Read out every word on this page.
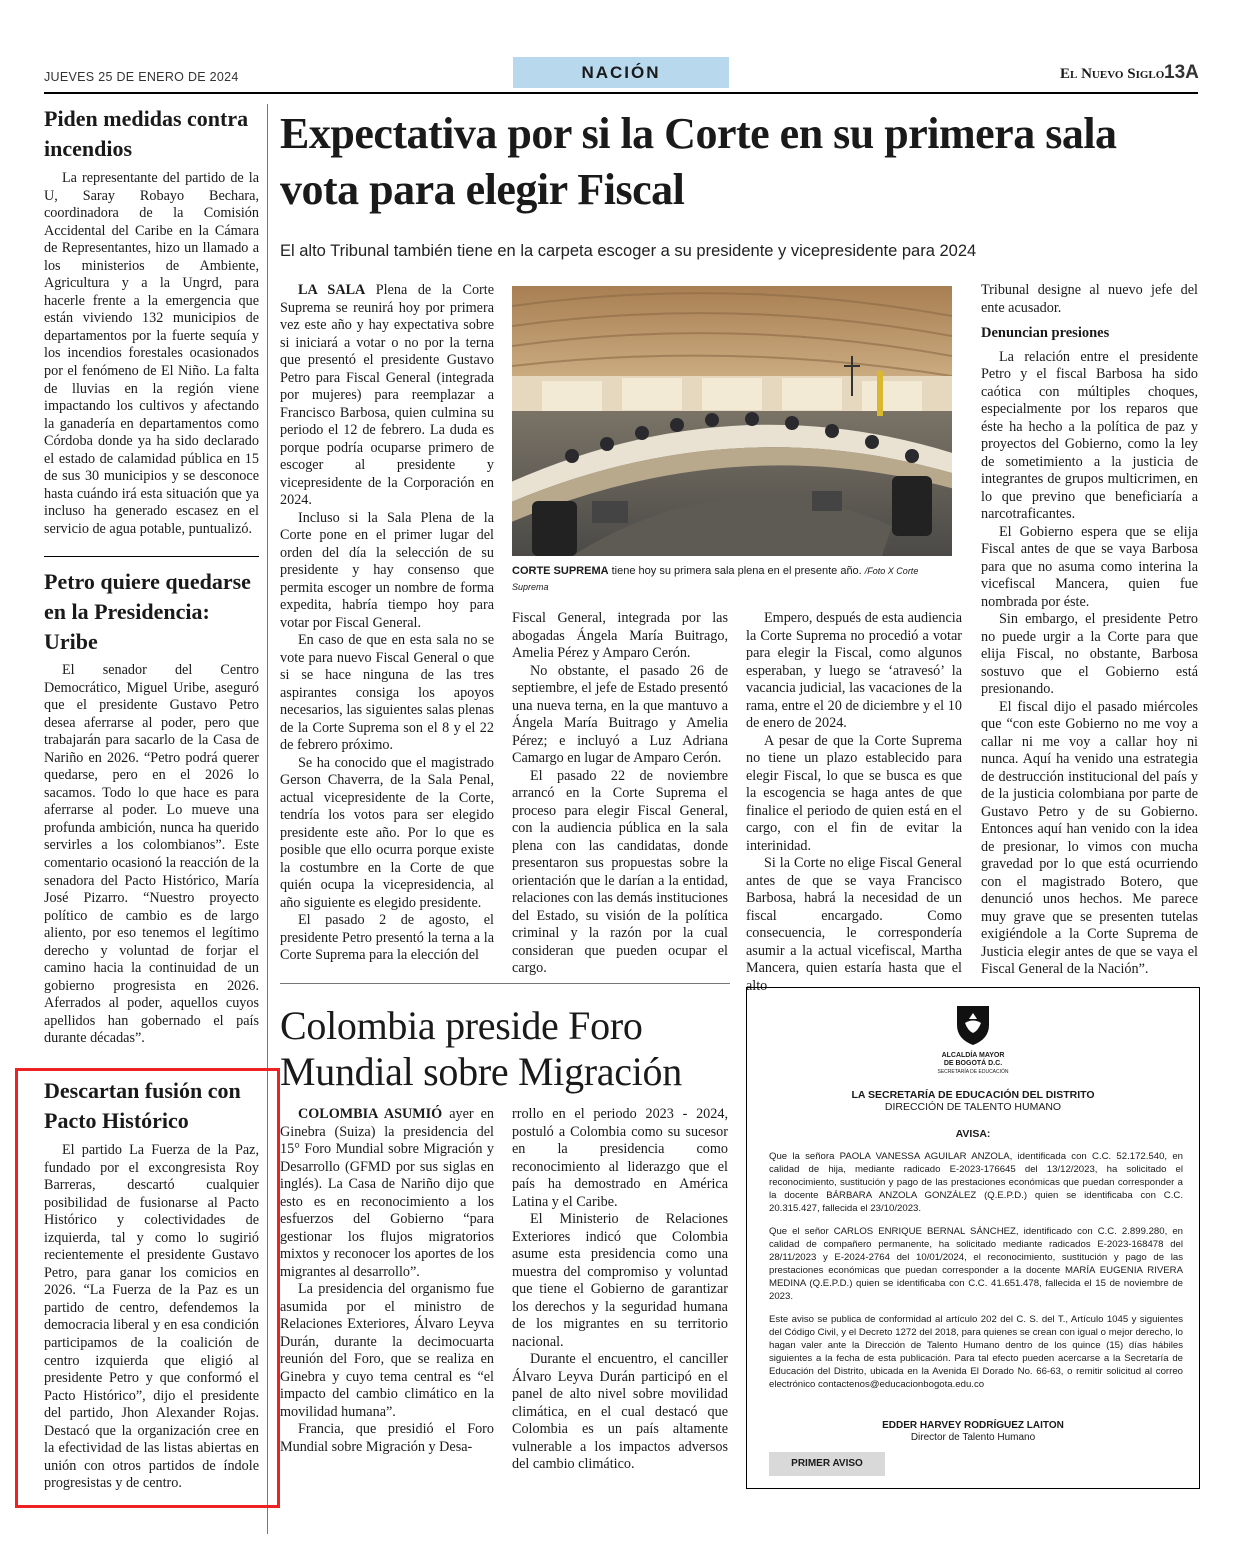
JUEVES 25 DE ENERO DE 2024	NACIÓN	El Nuevo Siglo 13A
Piden medidas contra incendios
La representante del partido de la U, Saray Robayo Bechara, coordinadora de la Comisión Accidental del Caribe en la Cámara de Representantes, hizo un llamado a los ministerios de Ambiente, Agricultura y a la Ungrd, para hacerle frente a la emergencia que están viviendo 132 municipios de departamentos por la fuerte sequía y los incendios forestales ocasionados por el fenómeno de El Niño. La falta de lluvias en la región viene impactando los cultivos y afectando la ganadería en departamentos como Córdoba donde ya ha sido declarado el estado de calamidad pública en 15 de sus 30 municipios y se desconoce hasta cuándo irá esta situación que ya incluso ha generado escasez en el servicio de agua potable, puntualizó.
Petro quiere quedarse en la Presidencia: Uribe
El senador del Centro Democrático, Miguel Uribe, aseguró que el presidente Gustavo Petro desea aferrarse al poder, pero que trabajarán para sacarlo de la Casa de Nariño en 2026. “Petro podrá querer quedarse, pero en el 2026 lo sacamos. Todo lo que hace es para aferrarse al poder. Lo mueve una profunda ambición, nunca ha querido servirles a los colombianos”. Este comentario ocasionó la reacción de la senadora del Pacto Histórico, María José Pizarro. “Nuestro proyecto político de cambio es de largo aliento, por eso tenemos el legítimo derecho y voluntad de forjar el camino hacia la continuidad de un gobierno progresista en 2026. Aferrados al poder, aquellos cuyos apellidos han gobernado el país durante décadas”.
Descartan fusión con Pacto Histórico
El partido La Fuerza de la Paz, fundado por el excongresista Roy Barreras, descartó cualquier posibilidad de fusionarse al Pacto Histórico y colectividades de izquierda, tal y como lo sugirió recientemente el presidente Gustavo Petro, para ganar los comicios en 2026. “La Fuerza de la Paz es un partido de centro, defendemos la democracia liberal y en esa condición participamos de la coalición de centro izquierda que eligió al presidente Petro y que conformó el Pacto Histórico”, dijo el presidente del partido, Jhon Alexander Rojas. Destacó que la organización cree en la efectividad de las listas abiertas en unión con otros partidos de índole progresistas y de centro.
Expectativa por si la Corte en su primera sala vota para elegir Fiscal
El alto Tribunal también tiene en la carpeta escoger a su presidente y vicepresidente para 2024

LA SALA Plena de la Corte Suprema se reunirá hoy por primera vez este año y hay expectativa sobre si iniciará a votar o no por la terna que presentó el presidente Gustavo Petro para Fiscal General (integrada por mujeres) para reemplazar a Francisco Barbosa, quien culmina su periodo el 12 de febrero. La duda es porque podría ocuparse primero de escoger al presidente y vicepresidente de la Corporación en 2024.

Incluso si la Sala Plena de la Corte pone en el primer lugar del orden del día la selección de su presidente y hay consenso que permita escoger un nombre de forma expedita, habría tiempo hoy para votar por Fiscal General.

En caso de que en esta sala no se vote para nuevo Fiscal General o que si se hace ninguna de las tres aspirantes consiga los apoyos necesarios, las siguientes salas plenas de la Corte Suprema son el 8 y el 22 de febrero próximo.

Se ha conocido que el magistrado Gerson Chaverra, de la Sala Penal, actual vicepresidente de la Corte, tendría los votos para ser elegido presidente este año. Por lo que es posible que ello ocurra porque existe la costumbre en la Corte de que quién ocupa la vicepresidencia, al año siguiente es elegido presidente.

El pasado 2 de agosto, el presidente Petro presentó la terna a la Corte Suprema para la elección del

CORTE SUPREMA tiene hoy su primera sala plena en el presente año. /Foto X Corte Suprema

Fiscal General, integrada por las abogadas Ángela María Buitrago, Amelia Pérez y Amparo Cerón.

No obstante, el pasado 26 de septiembre, el jefe de Estado presentó una nueva terna, en la que mantuvo a Ángela María Buitrago y Amelia Pérez; e incluyó a Luz Adriana Camargo en lugar de Amparo Cerón.

El pasado 22 de noviembre arrancó en la Corte Suprema el proceso para elegir Fiscal General, con la audiencia pública en la sala plena con las candidatas, donde presentaron sus propuestas sobre la orientación que le darían a la entidad, relaciones con las demás instituciones del Estado, su visión de la política criminal y la razón por la cual consideran que pueden ocupar el cargo.

Empero, después de esta audiencia la Corte Suprema no procedió a votar para elegir la Fiscal, como algunos esperaban, y luego se ‘atravesó’ la vacancia judicial, las vacaciones de la rama, entre el 20 de diciembre y el 10 de enero de 2024.

A pesar de que la Corte Suprema no tiene un plazo establecido para elegir Fiscal, lo que se busca es que la escogencia se haga antes de que finalice el periodo de quien está en el cargo, con el fin de evitar la interinidad.

Si la Corte no elige Fiscal General antes de que se vaya Francisco Barbosa, habrá la necesidad de un fiscal encargado. Como consecuencia, le correspondería asumir a la actual vicefiscal, Martha Mancera, quien estaría hasta que el alto

Tribunal designe al nuevo jefe del ente acusador.

Denuncian presiones

La relación entre el presidente Petro y el fiscal Barbosa ha sido caótica con múltiples choques, especialmente por los reparos que éste ha hecho a la política de paz y proyectos del Gobierno, como la ley de sometimiento a la justicia de integrantes de grupos multicrimen, en lo que previno que beneficiaría a narcotraficantes.

El Gobierno espera que se elija Fiscal antes de que se vaya Barbosa para que no asuma como interina la vicefiscal Mancera, quien fue nombrada por éste.

Sin embargo, el presidente Petro no puede urgir a la Corte para que elija Fiscal, no obstante, Barbosa sostuvo que el Gobierno está presionando.

El fiscal dijo el pasado miércoles que “con este Gobierno no me voy a callar ni me voy a callar hoy ni nunca. Aquí ha venido una estrategia de destrucción institucional del país y de la justicia colombiana por parte de Gustavo Petro y de su Gobierno. Entonces aquí han venido con la idea de presionar, lo vimos con mucha gravedad por lo que está ocurriendo con el magistrado Botero, que denunció unos hechos. Me parece muy grave que se presenten tutelas exigiéndole a la Corte Suprema de Justicia elegir antes de que se vaya el Fiscal General de la Nación”.

Colombia preside Foro Mundial sobre Migración

COLOMBIA ASUMIÓ ayer en Ginebra (Suiza) la presidencia del 15° Foro Mundial sobre Migración y Desarrollo (GFMD por sus siglas en inglés). La Casa de Nariño dijo que esto es en reconocimiento a los esfuerzos del Gobierno “para gestionar los flujos migratorios mixtos y reconocer los aportes de los migrantes al desarrollo”.

La presidencia del organismo fue asumida por el ministro de Relaciones Exteriores, Álvaro Leyva Durán, durante la decimocuarta reunión del Foro, que se realiza en Ginebra y cuyo tema central es “el impacto del cambio climático en la movilidad humana”.

Francia, que presidió el Foro Mundial sobre Migración y Desa-

rrollo en el periodo 2023 - 2024, postuló a Colombia como su sucesor en la presidencia como reconocimiento al liderazgo que el país ha demostrado en América Latina y el Caribe.

El Ministerio de Relaciones Exteriores indicó que Colombia asume esta presidencia como una muestra del compromiso y voluntad que tiene el Gobierno de garantizar los derechos y la seguridad humana de los migrantes en su territorio nacional.

Durante el encuentro, el canciller Álvaro Leyva Durán participó en el panel de alto nivel sobre movilidad climática, en el cual destacó que Colombia es un país altamente vulnerable a los impactos adversos del cambio climático.

ALCALDÍA MAYOR
DE BOGOTÁ D.C.
SECRETARÍA DE EDUCACIÓN
LA SECRETARÍA DE EDUCACIÓN DEL DISTRITO
DIRECCIÓN DE TALENTO HUMANO
AVISA:

Que la señora PAOLA VANESSA AGUILAR ANZOLA, identificada con C.C. 52.172.540, en calidad de hija, mediante radicado E-2023-176645 del 13/12/2023, ha solicitado el reconocimiento, sustitución y pago de las prestaciones económicas que puedan corresponder a la docente BÁRBARA ANZOLA GONZÁLEZ (Q.E.P.D.) quien se identificaba con C.C. 20.315.427, fallecida el 23/10/2023.

Que el señor CARLOS ENRIQUE BERNAL SÁNCHEZ, identificado con C.C. 2.899.280, en calidad de compañero permanente, ha solicitado mediante radicados E-2023-168478 del 28/11/2023 y E-2024-2764 del 10/01/2024, el reconocimiento, sustitución y pago de las prestaciones económicas que puedan corresponder a la docente MARÍA EUGENIA RIVERA MEDINA (Q.E.P.D.) quien se identificaba con C.C. 41.651.478, fallecida el 15 de noviembre de 2023.

Este aviso se publica de conformidad al artículo 202 del C. S. del T., Artículo 1045 y siguientes del Código Civil, y el Decreto 1272 del 2018, para quienes se crean con igual o mejor derecho, lo hagan valer ante la Dirección de Talento Humano dentro de los quince (15) días hábiles siguientes a la fecha de esta publicación. Para tal efecto pueden acercarse a la Secretaría de Educación del Distrito, ubicada en la Avenida El Dorado No. 66-63, o remitir solicitud al correo electrónico contactenos@educacionbogota.edu.co

EDDER HARVEY RODRÍGUEZ LAITON
Director de Talento Humano
PRIMER AVISO
